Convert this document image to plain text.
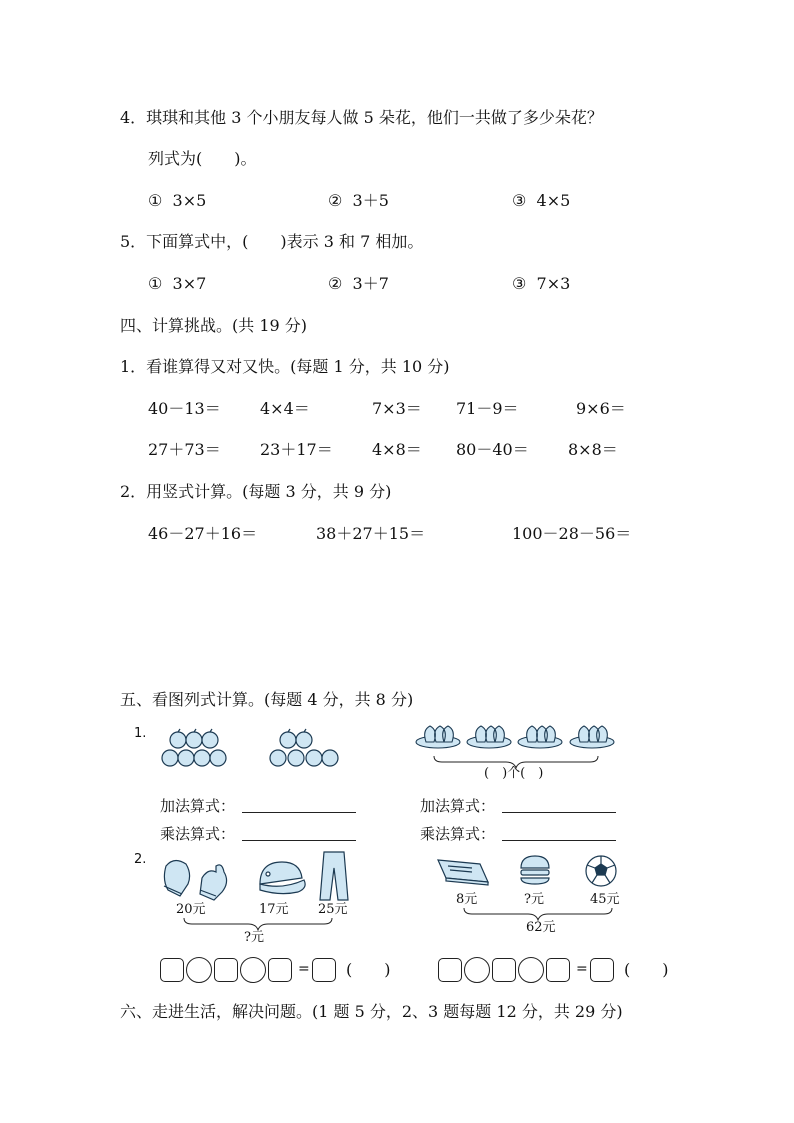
4．琪琪和其他 3 个小朋友每人做 5 朵花，他们一共做了多少朵花？
列式为(　　)。
①  3×5	②  3＋5	③  4×5
5．下面算式中，(　　)表示 3 和 7 相加。
①  3×7	②  3＋7	③  7×3
四、计算挑战。(共 19 分)
1．看谁算得又对又快。(每题 1 分，共 10 分)
40－13＝ 4×4＝	7×3＝ 71－9＝	9×6＝
27＋73＝ 23＋17＝ 4×8＝ 80－40＝ 8×8＝
2．用竖式计算。(每题 3 分，共 9 分)
46－27＋16＝	38＋27＋15＝	100－28－56＝
五、看图列式计算。(每题 4 分，共 8 分)
1.
(　)个(　)
加法算式：	加法算式：
乘法算式：	乘法算式：
2.
20元	17元 25元
?元
8元	?元	45元
62元
= (　　)	= (　　)
六、走进生活，解决问题。(1 题 5 分，2、3 题每题 12 分，共 29 分)
